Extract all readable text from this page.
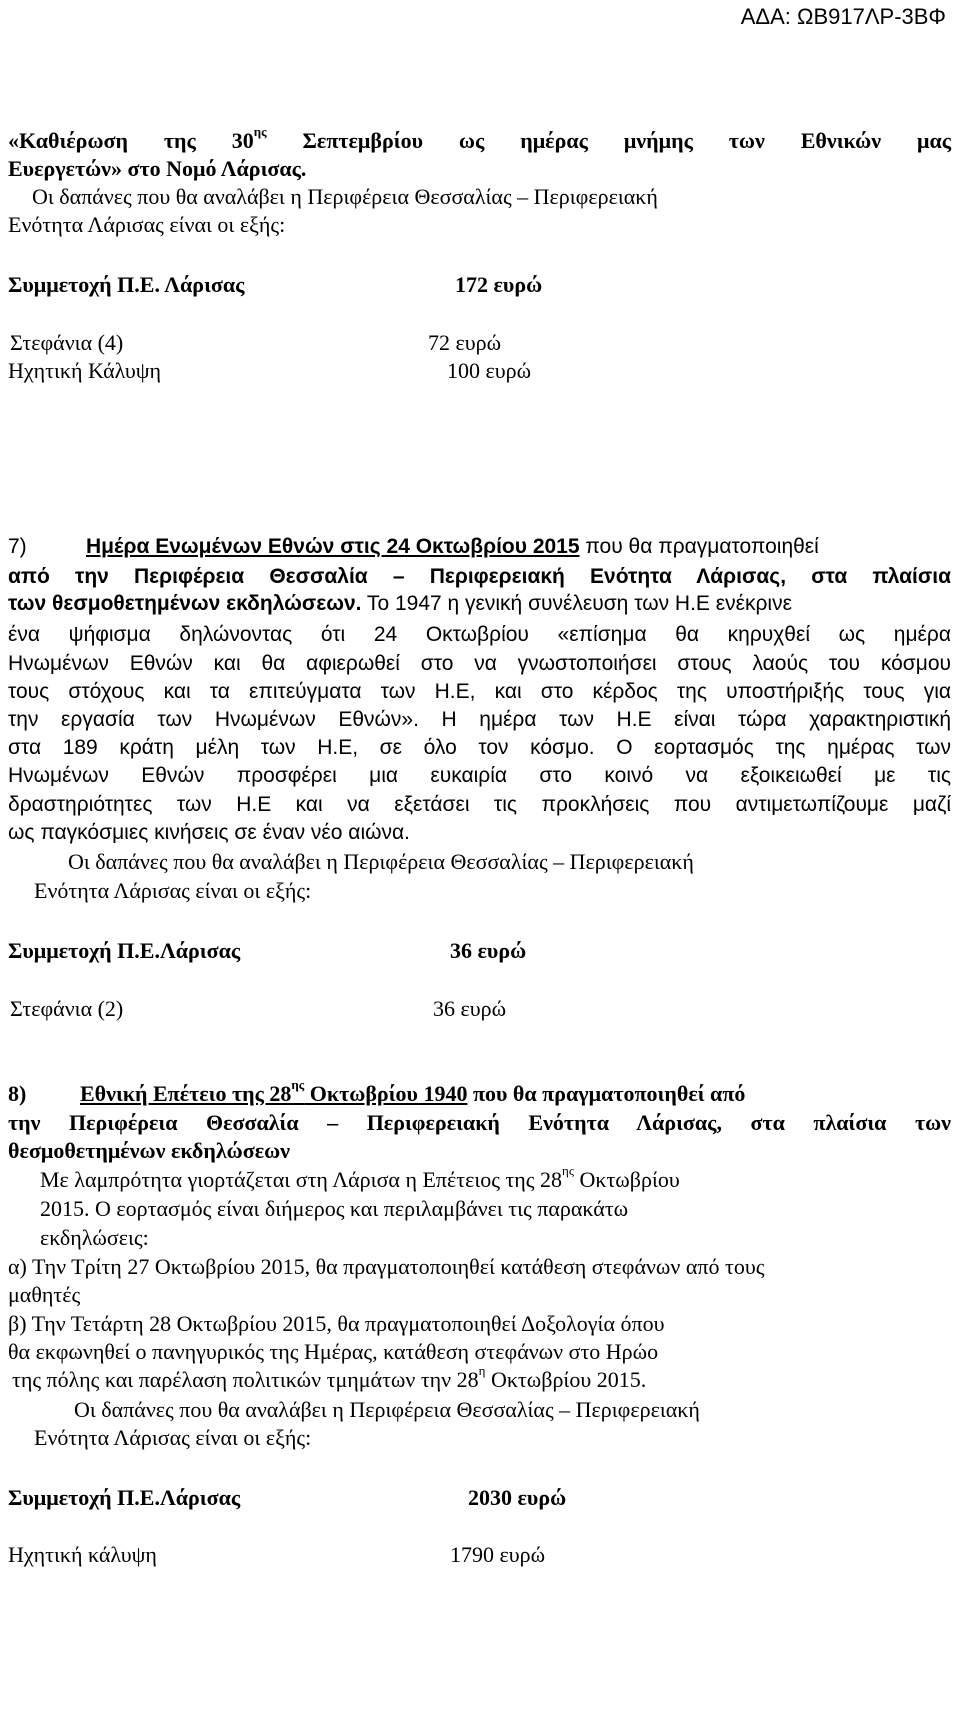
ΑΔΑ: ΩΒ917ΛΡ-3ΒΦ
«Καθιέρωση της $30^{\eta\varsigma}$ Σεπτεμβρίου ως ημέρας μνήμης των Εθνικών μας
Ευεργετών» στο Νομό Λάρισας.
Οι δαπάνες που θα αναλάβει η Περιφέρεια Θεσσαλίας – Περιφερειακή
Ενότητα Λάρισας είναι οι εξής:
Συμμετοχή Π.Ε. Λάρισας	172 ευρώ
Στεφάνια (4)	72 ευρώ
Ηχητική Κάλυψη	100 ευρώ
7)	Ημέρα Ενωμένων Εθνών στις 24 Οκτωβρίου 2015 που θα πραγματοποιηθεί
από την Περιφέρεια Θεσσαλία – Περιφερειακή Ενότητα Λάρισας, στα πλαίσια
των θεσμοθετημένων εκδηλώσεων. Το 1947 η γενική συνέλευση των Η.Ε ενέκρινε
ένα ψήφισμα δηλώνοντας ότι 24 Οκτωβρίου «επίσημα θα κηρυχθεί ως ημέρα
Ηνωμένων Εθνών και θα αφιερωθεί στο να γνωστοποιήσει στους λαούς του κόσμου
τους στόχους και τα επιτεύγματα των Η.Ε, και στο κέρδος της υποστήριξής τους για
την εργασία των Ηνωμένων Εθνών». Η ημέρα των Η.Ε είναι τώρα χαρακτηριστική
στα 189 κράτη μέλη των Η.Ε, σε όλο τον κόσμο. Ο εορτασμός της ημέρας των
Ηνωμένων Εθνών προσφέρει μια ευκαιρία στο κοινό να εξοικειωθεί με τις
δραστηριότητες των Η.Ε και να εξετάσει τις προκλήσεις που αντιμετωπίζουμε μαζί
ως παγκόσμιες κινήσεις σε έναν νέο αιώνα.
Οι δαπάνες που θα αναλάβει η Περιφέρεια Θεσσαλίας – Περιφερειακή
Ενότητα Λάρισας είναι οι εξής:
Συμμετοχή Π.Ε.Λάρισας	36 ευρώ
Στεφάνια (2)	36 ευρώ
8) Εθνική Επέτειο της $28^{\eta\varsigma}$ Οκτωβρίου 1940 που θα πραγματοποιηθεί από
την Περιφέρεια Θεσσαλία – Περιφερειακή Ενότητα Λάρισας, στα πλαίσια των
θεσμοθετημένων εκδηλώσεων
Με λαμπρότητα γιορτάζεται στη Λάρισα η Επέτειος της $28^{\eta\varsigma}$ Οκτωβρίου
2015. Ο εορτασμός είναι διήμερος και περιλαμβάνει τις παρακάτω
εκδηλώσεις:
α) Την Τρίτη 27 Οκτωβρίου 2015, θα πραγματοποιηθεί κατάθεση στεφάνων από τους
μαθητές
β) Την Τετάρτη 28 Οκτωβρίου 2015, θα πραγματοποιηθεί Δοξολογία όπου
θα εκφωνηθεί ο πανηγυρικός της Ημέρας, κατάθεση στεφάνων στο Ηρώο
της πόλης και παρέλαση πολιτικών τμημάτων την $28^\eta$ Οκτωβρίου 2015.
Οι δαπάνες που θα αναλάβει η Περιφέρεια Θεσσαλίας – Περιφερειακή
Ενότητα Λάρισας είναι οι εξής:
Συμμετοχή Π.Ε.Λάρισας	2030 ευρώ
Ηχητική κάλυψη	1790 ευρώ
